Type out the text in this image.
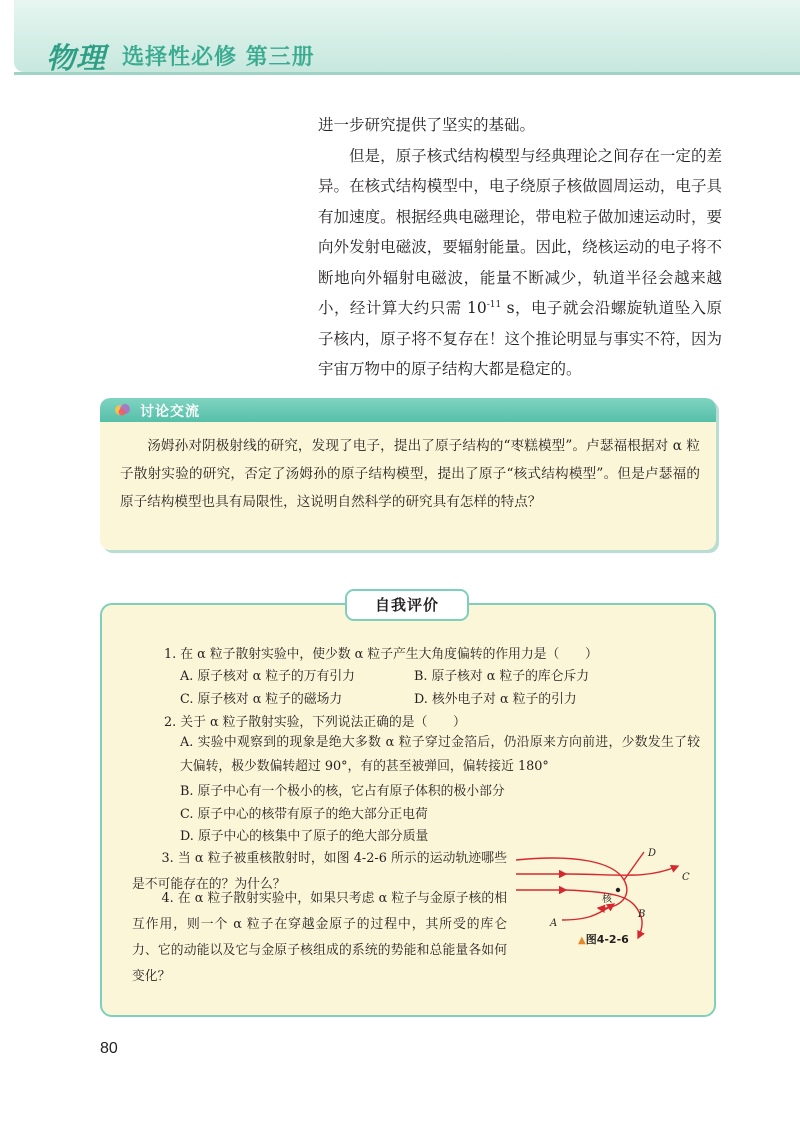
物理 选择性必修 第三册

进一步研究提供了坚实的基础。

但是，原子核式结构模型与经典理论之间存在一定的差异。在核式结构模型中，电子绕原子核做圆周运动，电子具有加速度。根据经典电磁理论，带电粒子做加速运动时，要向外发射电磁波，要辐射能量。因此，绕核运动的电子将不断地向外辐射电磁波，能量不断减少，轨道半径会越来越小，经计算大约只需 $10^{-11}$ s，电子就会沿螺旋轨道坠入原子核内，原子将不复存在！这个推论明显与事实不符，因为宇宙万物中的原子结构大都是稳定的。

讨论交流
汤姆孙对阴极射线的研究，发现了电子，提出了原子结构的“枣糕模型”。卢瑟福根据对 α 粒子散射实验的研究，否定了汤姆孙的原子结构模型，提出了原子“核式结构模型”。但是卢瑟福的原子结构模型也具有局限性，这说明自然科学的研究具有怎样的特点？
自我评价
1. 在 α 粒子散射实验中，使少数 α 粒子产生大角度偏转的作用力是（　　）
A. 原子核对 α 粒子的万有引力	B. 原子核对 α 粒子的库仑斥力
C. 原子核对 α 粒子的磁场力	D. 核外电子对 α 粒子的引力
2. 关于 α 粒子散射实验，下列说法正确的是（　　）
A. 实验中观察到的现象是绝大多数 α 粒子穿过金箔后，仍沿原来方向前进，少数发生了较大偏转，极少数偏转超过 90°，有的甚至被弹回，偏转接近 180°
B. 原子中心有一个极小的核，它占有原子体积的极小部分
C. 原子中心的核带有原子的绝大部分正电荷
D. 原子中心的核集中了原子的绝大部分质量
3. 当 α 粒子被重核散射时，如图 4-2-6 所示的运动轨迹哪些是不可能存在的？为什么？
4. 在 α 粒子散射实验中，如果只考虑 α 粒子与金原子核的相互作用，则一个 α 粒子在穿越金原子的过程中，其所受的库仑力、它的动能以及它与金原子核组成的系统的势能和总能量各如何变化？
核
D
C
B
A
▲图4-2-6
80
